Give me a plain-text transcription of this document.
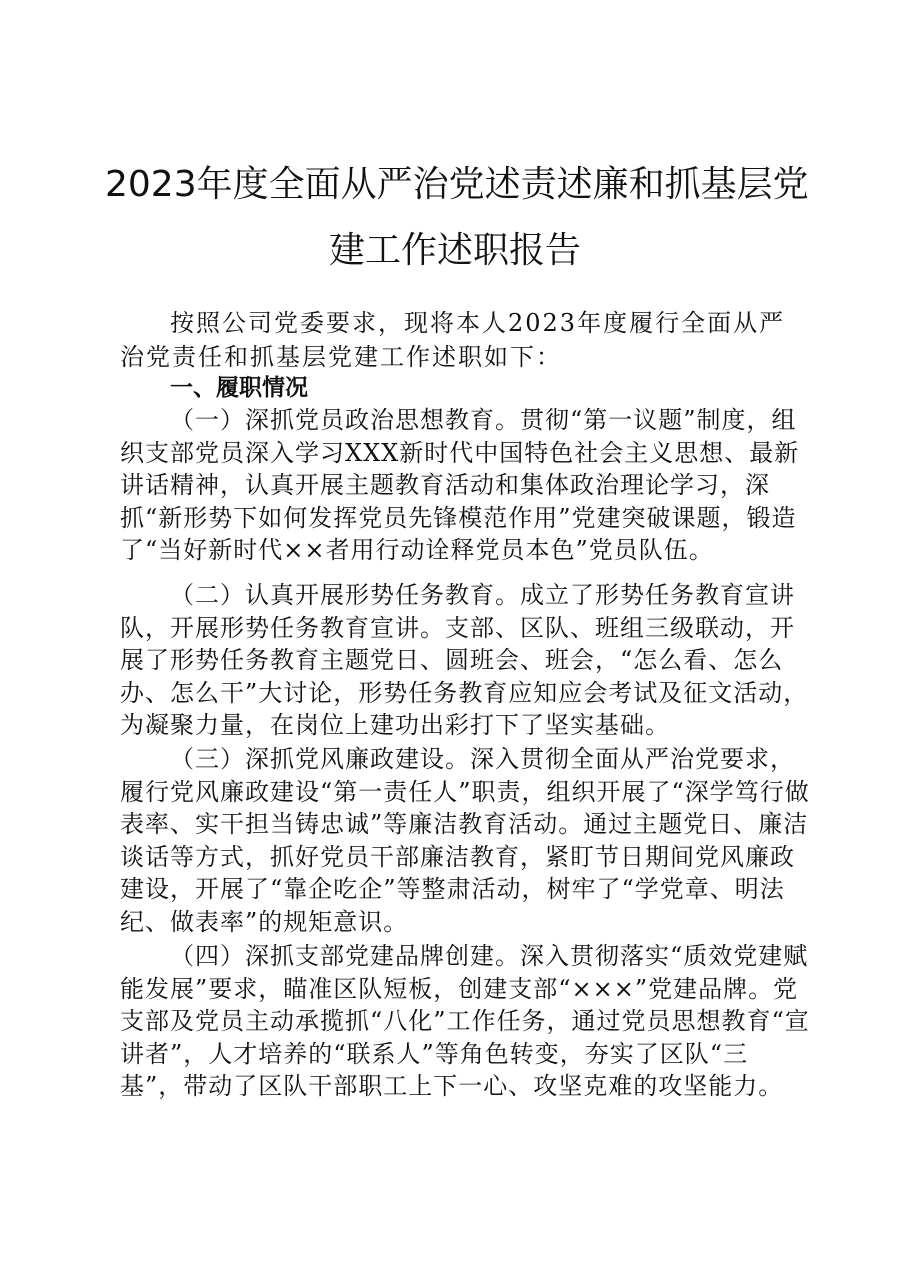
2023年度全面从严治党述责述廉和抓基层党
建工作述职报告

按照公司党委要求，现将本人2023年度履行全面从严治党责任和抓基层党建工作述职如下：

一、履职情况

（一）深抓党员政治思想教育。贯彻“第一议题”制度，组织支部党员深入学习XXX新时代中国特色社会主义思想、最新讲话精神，认真开展主题教育活动和集体政治理论学习，深抓“新形势下如何发挥党员先锋模范作用”党建突破课题，锻造了“当好新时代××者用行动诠释党员本色”党员队伍。

（二）认真开展形势任务教育。成立了形势任务教育宣讲队，开展形势任务教育宣讲。支部、区队、班组三级联动，开展了形势任务教育主题党日、圆班会、班会，“怎么看、怎么办、怎么干”大讨论，形势任务教育应知应会考试及征文活动，为凝聚力量，在岗位上建功出彩打下了坚实基础。

（三）深抓党风廉政建设。深入贯彻全面从严治党要求，履行党风廉政建设“第一责任人”职责，组织开展了“深学笃行做表率、实干担当铸忠诚”等廉洁教育活动。通过主题党日、廉洁谈话等方式，抓好党员干部廉洁教育，紧盯节日期间党风廉政建设，开展了“靠企吃企”等整肃活动，树牢了“学党章、明法纪、做表率”的规矩意识。

（四）深抓支部党建品牌创建。深入贯彻落实“质效党建赋能发展”要求，瞄准区队短板，创建支部“×××”党建品牌。党支部及党员主动承揽抓“八化”工作任务，通过党员思想教育“宣讲者”，人才培养的“联系人”等角色转变，夯实了区队“三基”，带动了区队干部职工上下一心、攻坚克难的攻坚能力。
